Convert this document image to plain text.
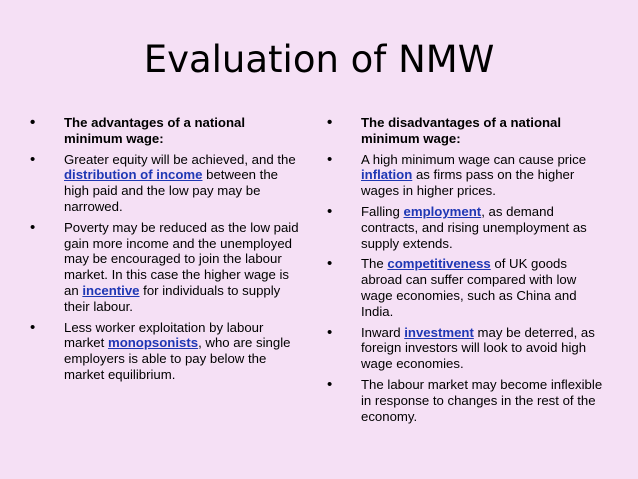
Evaluation of NMW
• The advantages of a national minimum wage:
• Greater equity will be achieved, and the distribution of income between the high paid and the low pay may be narrowed.
• Poverty may be reduced as the low paid gain more income and the unemployed may be encouraged to join the labour market. In this case the higher wage is an incentive for individuals to supply their labour.
• Less worker exploitation by labour market monopsonists, who are single employers is able to pay below the market equilibrium.
• The disadvantages of a national minimum wage:
• A high minimum wage can cause price inflation as firms pass on the higher wages in higher prices.
• Falling employment, as demand contracts, and rising unemployment as supply extends.
• The competitiveness of UK goods abroad can suffer compared with low wage economies, such as China and India.
• Inward investment may be deterred, as foreign investors will look to avoid high wage economies.
• The labour market may become inflexible in response to changes in the rest of the economy.
